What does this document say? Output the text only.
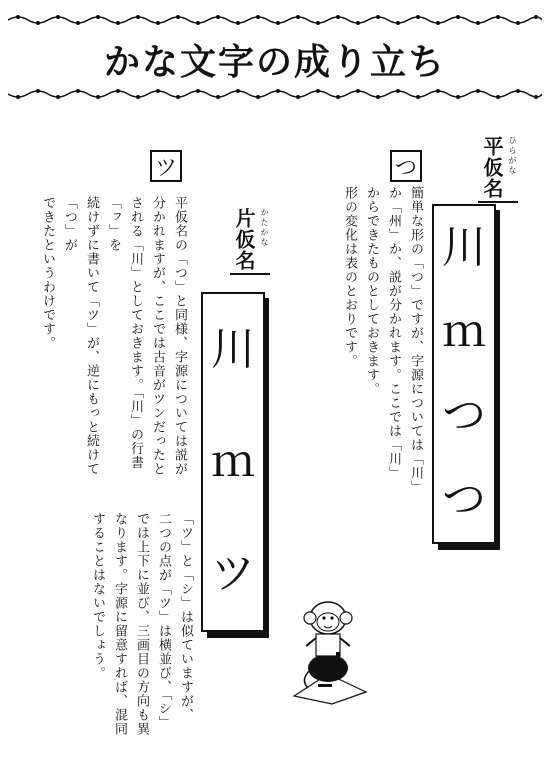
かな文字の成り立ち
ひらがな
平仮名
川
ｍ
つ
つ
つ
簡単な形の「つ」ですが、字源については「川」
か「州」か、説が分かれます。ここでは「川」
からできたものとしておきます。
形の変化は表のとおりです。
かたかな
片仮名
川
ｍ
ツ
ツ
平仮名の「つ」と同様、字源については説が
分かれますが、ここでは古音がツンだったと
される「川」としておきます。「川」の行書「ㇷ」を
続けずに書いて「ツ」が、逆にもっと続けて「つ」が
できたというわけです。
「ツ」と「シ」は似ていますが、
二つの点が「ツ」は横並び、「シ」
では上下に並び、三画目の方向も異
なります。字源に留意すれば、混同
することはないでしょう。
